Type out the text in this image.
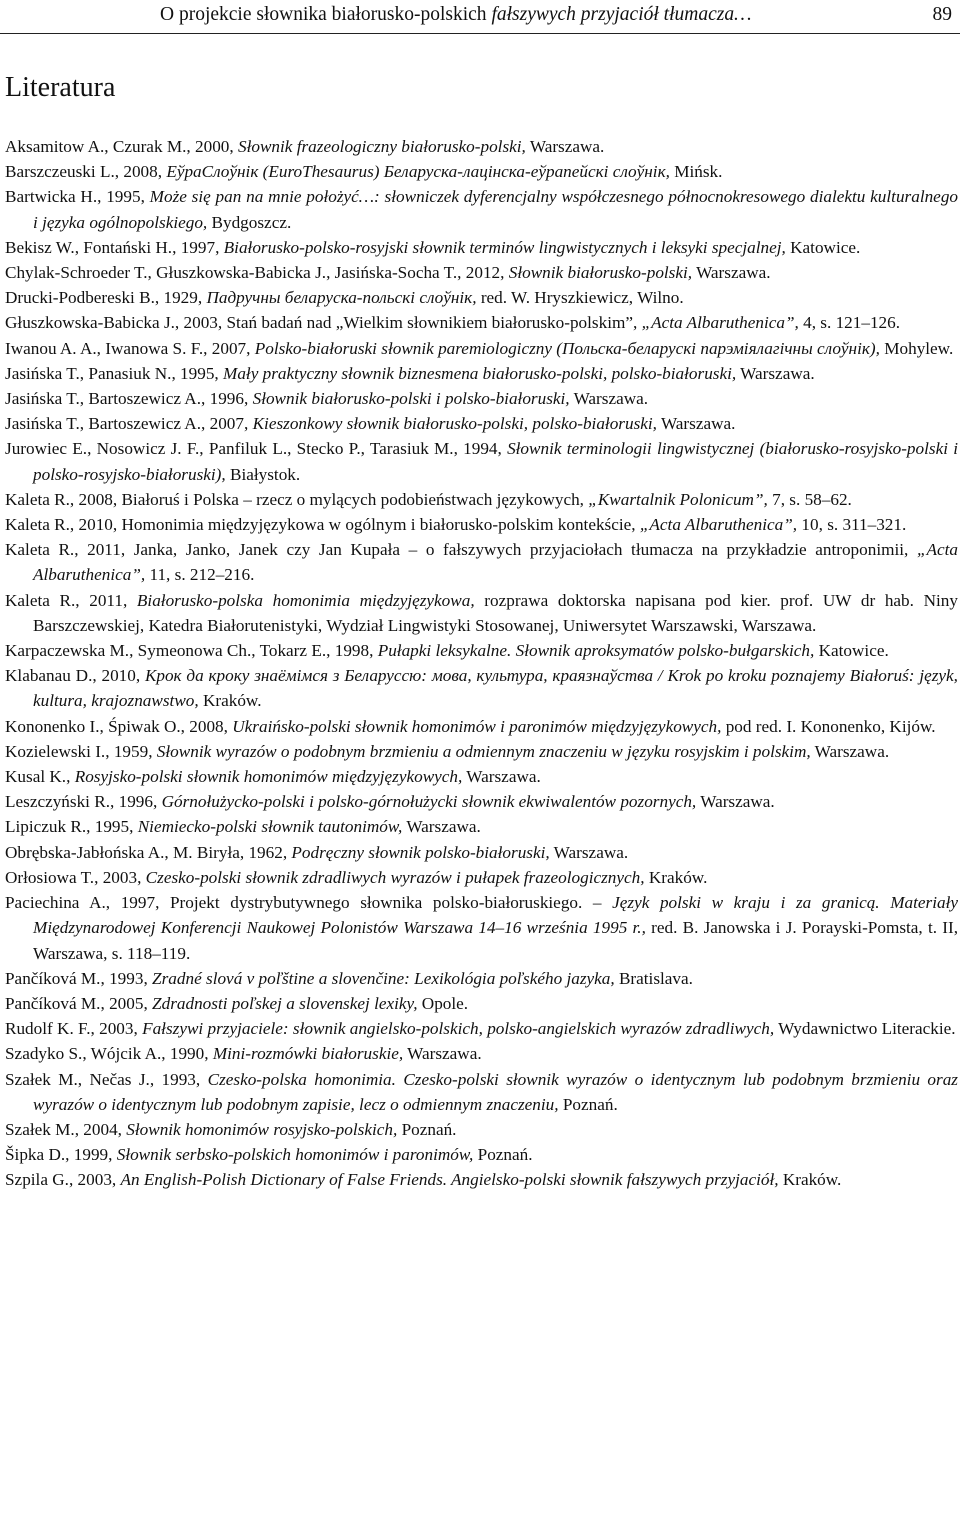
O projekcie słownika białorusko-polskich fałszywych przyjaciół tłumacza…	89
Literatura
Aksamitow A., Czurak M., 2000, Słownik frazeologiczny białorusko-polski, Warszawa.
Barszczeuski L., 2008, ЕўраСлоўнік (EuroThesaurus) Беларуска-лацінска-еўрапейскі слоўнік, Mińsk.
Bartwicka H., 1995, Może się pan na mnie położyć…: słowniczek dyferencjalny współczesnego północnokresowego dialektu kulturalnego i języka ogólnopolskiego, Bydgoszcz.
Bekisz W., Fontański H., 1997, Białorusko-polsko-rosyjski słownik terminów lingwistycznych i leksyki specjalnej, Katowice.
Chylak-Schroeder T., Głuszkowska-Babicka J., Jasińska-Socha T., 2012, Słownik białorusko-polski, Warszawa.
Drucki-Podbereski B., 1929, Падручны беларуска-польскі слоўнік, red. W. Hryszkiewicz, Wilno.
Głuszkowska-Babicka J., 2003, Stań badań nad „Wielkim słownikiem białorusko-polskim”, „Acta Albaruthenica”, 4, s. 121–126.
Iwanou A. A., Iwanowa S. F., 2007, Polsko-białoruski słownik paremiologiczny (Польска-беларускі парэміялагічны слоўнік), Mohylew.
Jasińska T., Panasiuk N., 1995, Mały praktyczny słownik biznesmena białorusko-polski, polsko-białoruski, Warszawa.
Jasińska T., Bartoszewicz A., 1996, Słownik białorusko-polski i polsko-białoruski, Warszawa.
Jasińska T., Bartoszewicz A., 2007, Kieszonkowy słownik białorusko-polski, polsko-białoruski, Warszawa.
Jurowiec E., Nosowicz J. F., Panfiluk L., Stecko P., Tarasiuk M., 1994, Słownik terminologii lingwistycznej (białorusko-rosyjsko-polski i polsko-rosyjsko-białoruski), Białystok.
Kaleta R., 2008, Białoruś i Polska – rzecz o mylących podobieństwach językowych, „Kwartalnik Polonicum”, 7, s. 58–62.
Kaleta R., 2010, Homonimia międzyjęzykowa w ogólnym i białorusko-polskim kontekście, „Acta Albaruthenica”, 10, s. 311–321.
Kaleta R., 2011, Janka, Janko, Janek czy Jan Kupała – o fałszywych przyjaciołach tłumacza na przykładzie antroponimii, „Acta Albaruthenica”, 11, s. 212–216.
Kaleta R., 2011, Białorusko-polska homonimia międzyjęzykowa, rozprawa doktorska napisana pod kier. prof. UW dr hab. Niny Barszczewskiej, Katedra Białorutenistyki, Wydział Lingwistyki Stosowanej, Uniwersytet Warszawski, Warszawa.
Karpaczewska M., Symeonowa Ch., Tokarz E., 1998, Pułapki leksykalne. Słownik aproksymatów polsko-bułgarskich, Katowice.
Klabanau D., 2010, Крок да кроку знаёмімся з Беларуссю: мова, культура, краязнаўства / Krok po kroku poznajemy Białoruś: język, kultura, krajoznawstwo, Kraków.
Kononenko I., Śpiwak O., 2008, Ukraińsko-polski słownik homonimów i paronimów międzyjęzykowych, pod red. I. Kononenko, Kijów.
Kozielewski I., 1959, Słownik wyrazów o podobnym brzmieniu a odmiennym znaczeniu w języku rosyjskim i polskim, Warszawa.
Kusal K., Rosyjsko-polski słownik homonimów międzyjęzykowych, Warszawa.
Leszczyński R., 1996, Górnołużycko-polski i polsko-górnołużycki słownik ekwiwalentów pozornych, Warszawa.
Lipiczuk R., 1995, Niemiecko-polski słownik tautonimów, Warszawa.
Obrębska-Jabłońska A., M. Biryła, 1962, Podręczny słownik polsko-białoruski, Warszawa.
Orłosiowa T., 2003, Czesko-polski słownik zdradliwych wyrazów i pułapek frazeologicznych, Kraków.
Paciechina A., 1997, Projekt dystrybutywnego słownika polsko-białoruskiego. – Język polski w kraju i za granicą. Materiały Międzynarodowej Konferencji Naukowej Polonistów Warszawa 14–16 września 1995 r., red. B. Janowska i J. Porayski-Pomsta, t. II, Warszawa, s. 118–119.
Pančíková M., 1993, Zradné slová v poľštine a slovenčine: Lexikológia poľského jazyka, Bratislava.
Pančíková M., 2005, Zdradnosti poľskej a slovenskej lexiky, Opole.
Rudolf K. F., 2003, Fałszywi przyjaciele: słownik angielsko-polskich, polsko-angielskich wyrazów zdradliwych, Wydawnictwo Literackie.
Szadyko S., Wójcik A., 1990, Mini-rozmówki białoruskie, Warszawa.
Szałek M., Nečas J., 1993, Czesko-polska homonimia. Czesko-polski słownik wyrazów o identycznym lub podobnym brzmieniu oraz wyrazów o identycznym lub podobnym zapisie, lecz o odmiennym znaczeniu, Poznań.
Szałek M., 2004, Słownik homonimów rosyjsko-polskich, Poznań.
Šipka D., 1999, Słownik serbsko-polskich homonimów i paronimów, Poznań.
Szpila G., 2003, An English-Polish Dictionary of False Friends. Angielsko-polski słownik fałszywych przyjaciół, Kraków.
